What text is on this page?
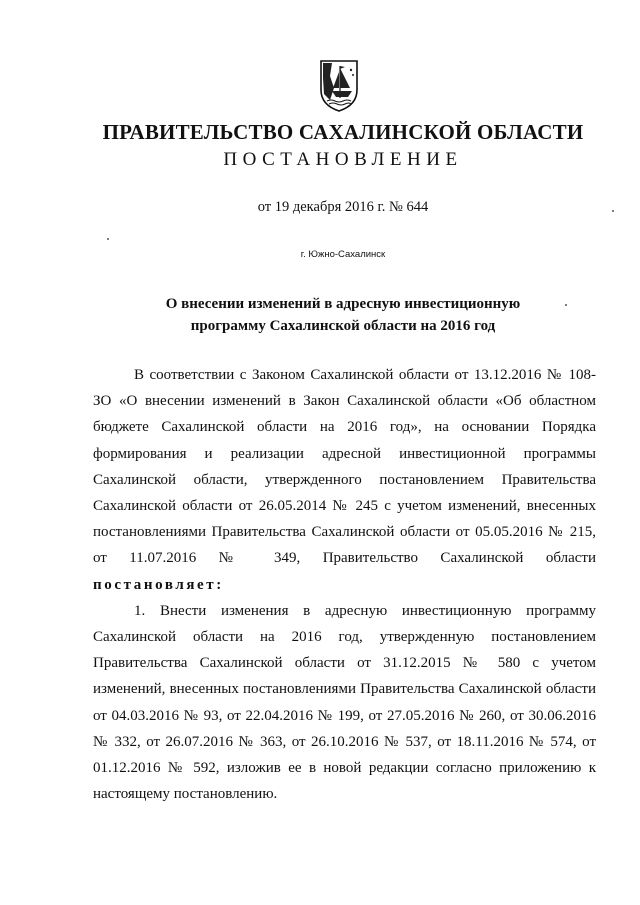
ПРАВИТЕЛЬСТВО САХАЛИНСКОЙ ОБЛАСТИ
ПОСТАНОВЛЕНИЕ
от 19 декабря 2016 г. № 644
г. Южно-Сахалинск
О внесении изменений в адресную инвестиционную
программу Сахалинской области на 2016 год

В соответствии с Законом Сахалинской области от 13.12.2016 № 108-ЗО «О внесении изменений в Закон Сахалинской области «Об областном бюджете Сахалинской области на 2016 год», на основании Порядка формирования и реализации адресной инвестиционной программы Сахалинской области, утвержденного постановлением Правительства Сахалинской области от 26.05.2014 № 245 с учетом изменений, внесенных постановлениями Правительства Сахалинской области от 05.05.2016 № 215, от 11.07.2016 № 349, Правительство Сахалинской области постановляет:

1. Внести изменения в адресную инвестиционную программу Сахалинской области на 2016 год, утвержденную постановлением Правительства Сахалинской области от 31.12.2015 № 580 с учетом изменений, внесенных постановлениями Правительства Сахалинской области от 04.03.2016 № 93, от 22.04.2016 № 199, от 27.05.2016 № 260, от 30.06.2016 № 332, от 26.07.2016 № 363, от 26.10.2016 № 537, от 18.11.2016 № 574, от 01.12.2016 № 592, изложив ее в новой редакции согласно приложению к настоящему постановлению.
